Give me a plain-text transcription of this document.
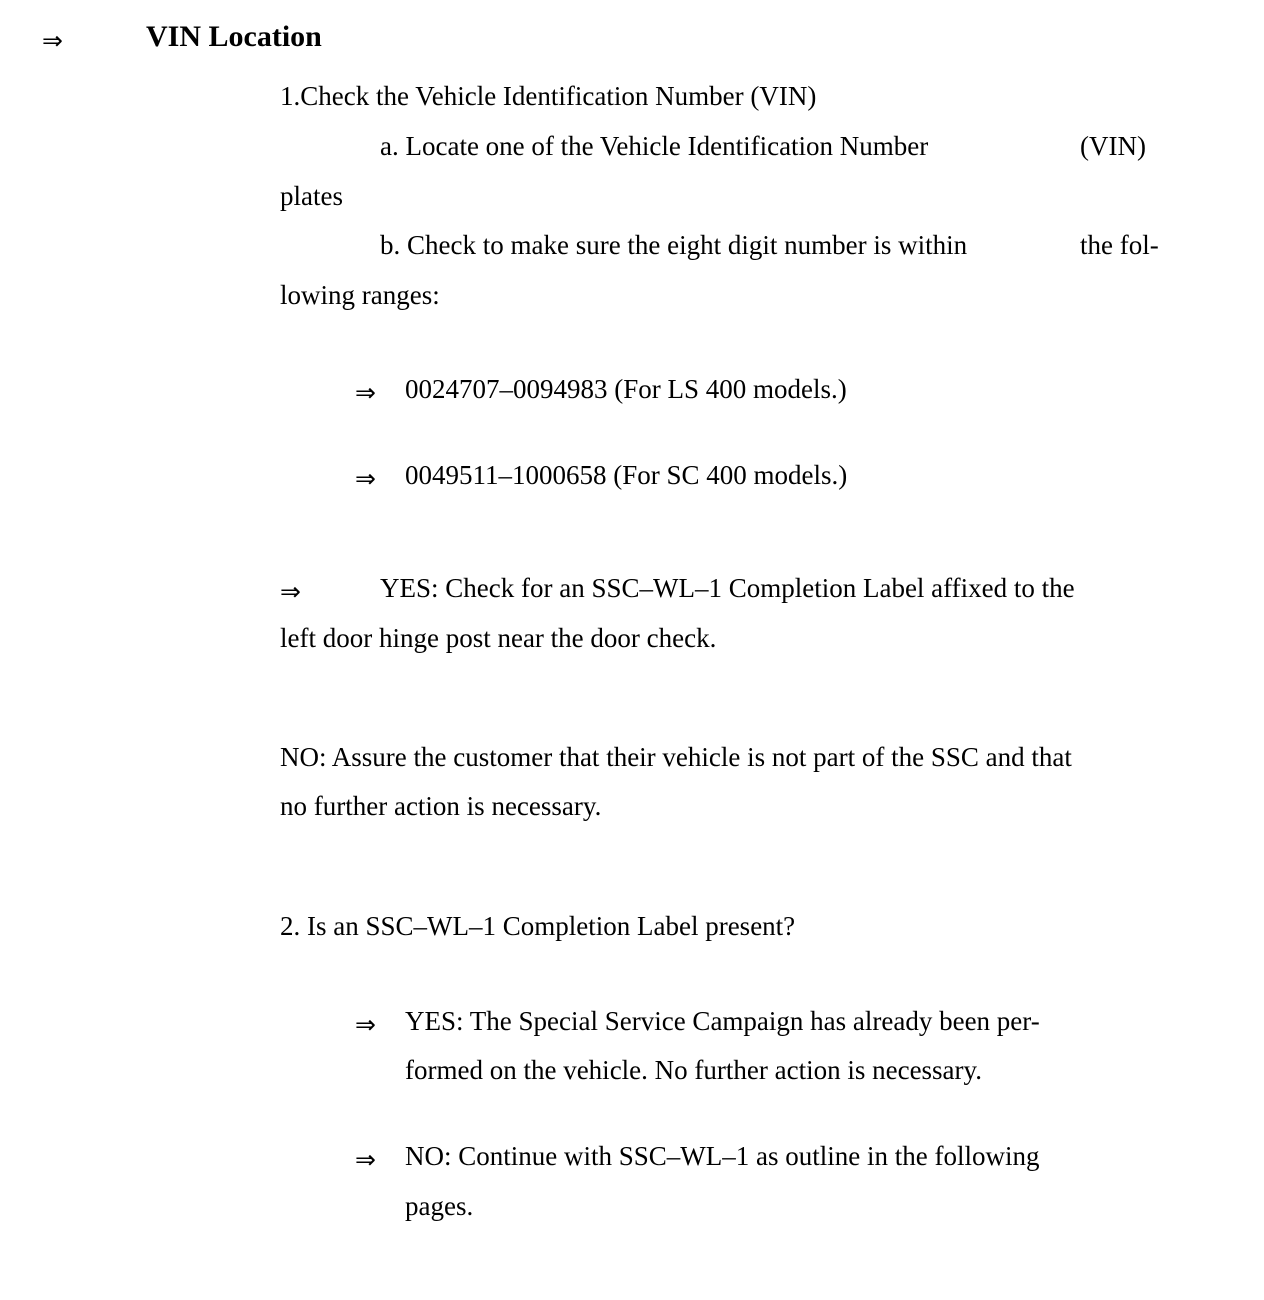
⇒	VIN Location
1.Check the Vehicle Identification Number (VIN)
a. Locate one of the Vehicle Identification Number	(VIN)
plates
b. Check to make sure the eight digit number is within	the fol-
lowing ranges:
⇒ 0024707–0094983 (For LS 400 models.)
⇒ 0049511–1000658 (For SC 400 models.)
⇒	YES: Check for an SSC–WL–1 Completion Label affixed to the
left door hinge post near the door check.
NO: Assure the customer that their vehicle is not part of the SSC and that
no further action is necessary.
2. Is an SSC–WL–1 Completion Label present?
⇒ YES: The Special Service Campaign has already been per-
formed on the vehicle. No further action is necessary.
⇒ NO: Continue with SSC–WL–1 as outline in the following
pages.
